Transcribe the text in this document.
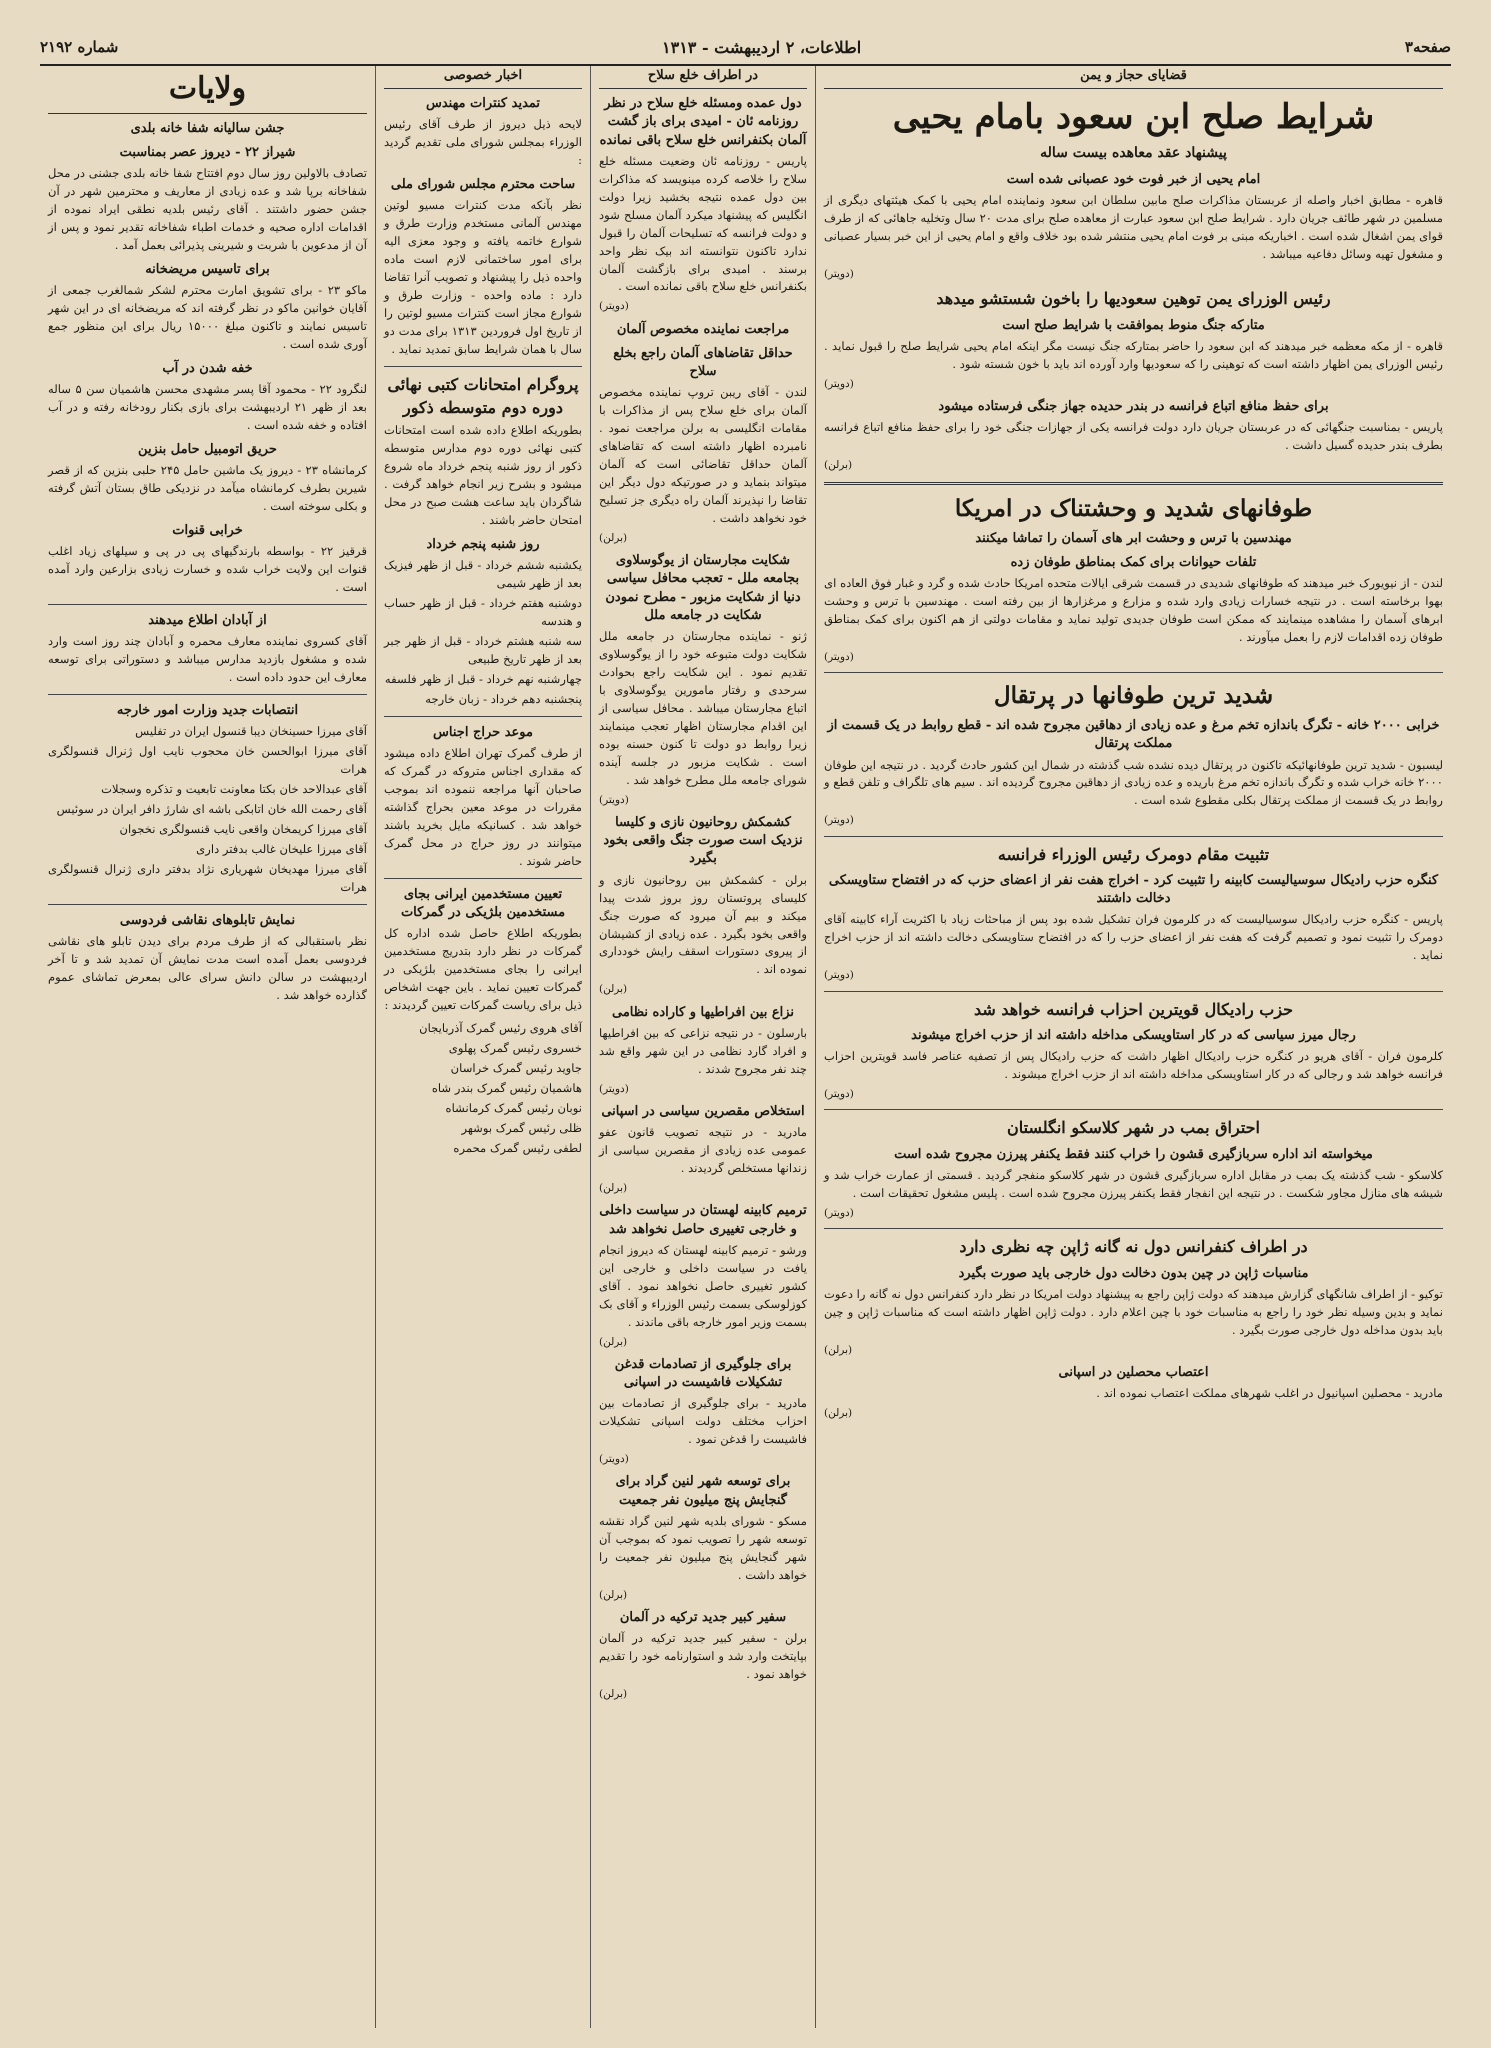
صفحه۳
اطلاعات، ۲ اردیبهشت - ۱۳۱۳
شماره ۲۱۹۲
قضایای حجاز و یمن
شرایط صلح ابن سعود بامام یحیی
پیشنهاد عقد معاهده بیست ساله
امام یحیی از خبر فوت خود عصبانی شده است

قاهره - مطابق اخبار واصله از عربستان مذاکرات صلح مابین سلطان ابن سعود ونماینده امام یحیی با کمک هیئتهای دیگری از مسلمین در شهر طائف جریان دارد . شرایط صلح ابن سعود عبارت از معاهده صلح برای مدت ۲۰ سال وتخلیه جاهائی که از طرف قوای یمن اشغال شده است . اخباریکه مبنی بر فوت امام یحیی منتشر شده بود خلاف واقع و امام یحیی از این خبر بسیار عصبانی و مشغول تهیه وسائل دفاعیه میباشد .

(دویتر)
رئیس الوزرای یمن توهین سعودیها را باخون شستشو میدهد
متارکه جنگ منوط بموافقت با شرایط صلح است

قاهره - از مکه معظمه خبر میدهند که ابن سعود را حاضر بمتارکه جنگ نیست مگر اینکه امام یحیی شرایط صلح را قبول نماید . رئیس الوزرای یمن اظهار داشته است که توهینی را که سعودیها وارد آورده اند باید با خون شسته شود .

(دویتر)
برای حفظ منافع اتباع فرانسه در بندر حدیده جهاز جنگی فرستاده میشود

پاریس - بمناسبت جنگهائی که در عربستان جریان دارد دولت فرانسه یکی از جهازات جنگی خود را برای حفظ منافع اتباع فرانسه بطرف بندر حدیده گسیل داشت .

(برلن)
طوفانهای شدید و وحشتناک در امریکا
مهندسین با ترس و وحشت ابر های آسمان را تماشا میکنند
تلفات حیوانات برای کمک بمناطق طوفان زده

لندن - از نیویورک خبر میدهند که طوفانهای شدیدی در قسمت شرقی ایالات متحده امریکا حادث شده و گرد و غبار فوق العاده ای بهوا برخاسته است . در نتیجه خسارات زیادی وارد شده و مزارع و مرغزارها از بین رفته است . مهندسین با ترس و وحشت ابرهای آسمان را مشاهده مینمایند که ممکن است طوفان جدیدی تولید نماید و مقامات دولتی از هم اکنون برای کمک بمناطق طوفان زده اقدامات لازم را بعمل میآورند .

(دویتر)
شدید ترین طوفانها در پرتقال
خرابی ۲۰۰۰ خانه - تگرگ باندازه تخم مرغ و عده زیادی از دهاقین مجروح شده اند - قطع روابط در یک قسمت از مملکت پرتقال

لیسبون - شدید ترین طوفانهائیکه تاکنون در پرتقال دیده نشده شب گذشته در شمال این کشور حادث گردید . در نتیجه این طوفان ۲۰۰۰ خانه خراب شده و تگرگ باندازه تخم مرغ باریده و عده زیادی از دهاقین مجروح گردیده اند . سیم های تلگراف و تلفن قطع و روابط در یک قسمت از مملکت پرتقال بکلی مقطوع شده است .

(دویتر)
تثبیت مقام دومرک رئیس الوزراء فرانسه
کنگره حزب رادیکال سوسیالیست کابینه را تثبیت کرد - اخراج هفت نفر از اعضای حزب که در افتضاح ستاویسکی دخالت داشتند

پاریس - کنگره حزب رادیکال سوسیالیست که در کلرمون فران تشکیل شده بود پس از مباحثات زیاد با اکثریت آراء کابینه آقای دومرک را تثبیت نمود و تصمیم گرفت که هفت نفر از اعضای حزب را که در افتضاح ستاویسکی دخالت داشته اند از حزب اخراج نماید .

(دویتر)
حزب رادیکال قویترین احزاب فرانسه خواهد شد
رجال میرز سیاسی که در کار استاویسکی مداخله داشته اند از حزب اخراج میشوند

کلرمون فران - آقای هریو در کنگره حزب رادیکال اظهار داشت که حزب رادیکال پس از تصفیه عناصر فاسد قویترین احزاب فرانسه خواهد شد و رجالی که در کار استاویسکی مداخله داشته اند از حزب اخراج میشوند .

(دویتر)
احتراق بمب در شهر کلاسکو انگلستان
میخواسته اند اداره سربازگیری قشون را خراب کنند فقط یکنفر پیرزن مجروح شده است

کلاسکو - شب گذشته یک بمب در مقابل اداره سربازگیری قشون در شهر کلاسکو منفجر گردید . قسمتی از عمارت خراب شد و شیشه های منازل مجاور شکست . در نتیجه این انفجار فقط یکنفر پیرزن مجروح شده است . پلیس مشغول تحقیقات است .

(دویتر)
در اطراف کنفرانس دول نه گانه ژاپن چه نظری دارد
مناسبات ژاپن در چین بدون دخالت دول خارجی باید صورت بگیرد

توکیو - از اطراف شانگهای گزارش میدهند که دولت ژاپن راجع به پیشنهاد دولت امریکا در نظر دارد کنفرانس دول نه گانه را دعوت نماید و بدین وسیله نظر خود را راجع به مناسبات خود با چین اعلام دارد . دولت ژاپن اظهار داشته است که مناسبات ژاپن و چین باید بدون مداخله دول خارجی صورت بگیرد .

(برلن)
اعتصاب محصلین در اسپانی

مادرید - محصلین اسپانیول در اغلب شهرهای مملکت اعتصاب نموده اند .

(برلن)
در اطراف خلع سلاح
دول عمده ومسئله خلع سلاح در نظر روزنامه ئان - امیدی برای باز گشت آلمان بکنفرانس خلع سلاح باقی نمانده

پاریس - روزنامه ئان وضعیت مسئله خلع سلاح را خلاصه کرده مینویسد که مذاکرات بین دول عمده نتیجه بخشید زیرا دولت انگلیس که پیشنهاد میکرد آلمان مسلح شود و دولت فرانسه که تسلیحات آلمان را قبول ندارد تاکنون نتوانسته اند بیک نظر واحد برسند . امیدی برای بازگشت آلمان بکنفرانس خلع سلاح باقی نمانده است .

(دویتر)
مراجعت نماینده مخصوص آلمان
حداقل تقاضاهای آلمان راجع بخلع سلاح

لندن - آقای ریبن تروپ نماینده مخصوص آلمان برای خلع سلاح پس از مذاکرات با مقامات انگلیسی به برلن مراجعت نمود . نامبرده اظهار داشته است که تقاضاهای آلمان حداقل تقاضائی است که آلمان میتواند بنماید و در صورتیکه دول دیگر این تقاضا را نپذیرند آلمان راه دیگری جز تسلیح خود نخواهد داشت .

(برلن)
شکایت مجارستان از یوگوسلاوی بجامعه ملل - تعجب محافل سیاسی دنیا از شکایت مزبور - مطرح نمودن شکایت در جامعه ملل

ژنو - نماینده مجارستان در جامعه ملل شکایت دولت متبوعه خود را از یوگوسلاوی تقدیم نمود . این شکایت راجع بحوادث سرحدی و رفتار مامورین یوگوسلاوی با اتباع مجارستان میباشد . محافل سیاسی از این اقدام مجارستان اظهار تعجب مینمایند زیرا روابط دو دولت تا کنون حسنه بوده است . شکایت مزبور در جلسه آینده شورای جامعه ملل مطرح خواهد شد .

(دویتر)
کشمکش روحانیون نازی و کلیسا نزدیک است صورت جنگ واقعی بخود بگیرد

برلن - کشمکش بین روحانیون نازی و کلیسای پروتستان روز بروز شدت پیدا میکند و بیم آن میرود که صورت جنگ واقعی بخود بگیرد . عده زیادی از کشیشان از پیروی دستورات اسقف رایش خودداری نموده اند .

(برلن)
نزاع بین افراطیها و کاراده نظامی

بارسلون - در نتیجه نزاعی که بین افراطیها و افراد گارد نظامی در این شهر واقع شد چند نفر مجروح شدند .

(دویتر)
استخلاص مقصرین سیاسی در اسپانی

مادرید - در نتیجه تصویب قانون عفو عمومی عده زیادی از مقصرین سیاسی از زندانها مستخلص گردیدند .

(برلن)
ترمیم کابینه لهستان در سیاست داخلی و خارجی تغییری حاصل نخواهد شد

ورشو - ترمیم کابینه لهستان که دیروز انجام یافت در سیاست داخلی و خارجی این کشور تغییری حاصل نخواهد نمود . آقای کوزلوسکی بسمت رئیس الوزراء و آقای بک بسمت وزیر امور خارجه باقی ماندند .

(برلن)
برای جلوگیری از تصادمات قدغن تشکیلات فاشیست در اسپانی

مادرید - برای جلوگیری از تصادمات بین احزاب مختلف دولت اسپانی تشکیلات فاشیست را قدغن نمود .

(دویتر)
برای توسعه شهر لنین گراد برای گنجایش پنج میلیون نفر جمعیت

مسکو - شورای بلدیه شهر لنین گراد نقشه توسعه شهر را تصویب نمود که بموجب آن شهر گنجایش پنج میلیون نفر جمعیت را خواهد داشت .

(برلن)
سفیر کبیر جدید ترکیه در آلمان

برلن - سفیر کبیر جدید ترکیه در آلمان بپایتخت وارد شد و استوارنامه خود را تقدیم خواهد نمود .

(برلن)
اخبار خصوصی
تمدید کنترات مهندس

لایحه ذیل دیروز از طرف آقای رئیس الوزراء بمجلس شورای ملی تقدیم گردید :

ساحت محترم مجلس شورای ملی

نظر بآنکه مدت کنترات مسیو لوتین مهندس آلمانی مستخدم وزارت طرق و شوارع خاتمه یافته و وجود معزی الیه برای امور ساختمانی لازم است ماده واحده ذیل را پیشنهاد و تصویب آنرا تقاضا دارد : ماده واحده - وزارت طرق و شوارع مجاز است کنترات مسیو لوتین را از تاریخ اول فروردین ۱۳۱۳ برای مدت دو سال با همان شرایط سابق تمدید نماید .

پروگرام امتحانات کتبی نهائی دوره دوم متوسطه ذکور

بطوریکه اطلاع داده شده است امتحانات کتبی نهائی دوره دوم مدارس متوسطه ذکور از روز شنبه پنجم خرداد ماه شروع میشود و بشرح زیر انجام خواهد گرفت . شاگردان باید ساعت هشت صبح در محل امتحان حاضر باشند .

روز شنبه پنجم خرداد
یکشنبه ششم خرداد - قبل از ظهر فیزیک بعد از ظهر شیمی
دوشنبه هفتم خرداد - قبل از ظهر حساب و هندسه
سه شنبه هشتم خرداد - قبل از ظهر جبر بعد از ظهر تاریخ طبیعی
چهارشنبه نهم خرداد - قبل از ظهر فلسفه
پنجشنبه دهم خرداد - زبان خارجه
موعد حراج اجناس

از طرف گمرک تهران اطلاع داده میشود که مقداری اجناس متروکه در گمرک که صاحبان آنها مراجعه ننموده اند بموجب مقررات در موعد معین بحراج گذاشته خواهد شد . کسانیکه مایل بخرید باشند میتوانند در روز حراج در محل گمرک حاضر شوند .

تعیین مستخدمین ایرانی بجای مستخدمین بلژیکی در گمرکات

بطوریکه اطلاع حاصل شده اداره کل گمرکات در نظر دارد بتدریج مستخدمین ایرانی را بجای مستخدمین بلژیکی در گمرکات تعیین نماید . باین جهت اشخاص ذیل برای ریاست گمرکات تعیین گردیدند :

آقای هروی رئیس گمرک آذربایجان
خسروی رئیس گمرک پهلوی
جاوید رئیس گمرک خراسان
هاشمیان رئیس گمرک بندر شاه
نوبان رئیس گمرک کرمانشاه
ظلی رئیس گمرک بوشهر
لطفی رئیس گمرک محمره
ولایات
جشن سالیانه شفا خانه بلدی
شیراز ۲۲ - دیروز عصر بمناسبت

تصادف بالاولین روز سال دوم افتتاح شفا خانه بلدی جشنی در محل شفاخانه برپا شد و عده زیادی از معاریف و محترمین شهر در آن جشن حضور داشتند . آقای رئیس بلدیه نطقی ایراد نموده از اقدامات اداره صحیه و خدمات اطباء شفاخانه تقدیر نمود و پس از آن از مدعوین با شربت و شیرینی پذیرائی بعمل آمد .

برای تاسیس مریضخانه

ماکو ۲۳ - برای تشویق امارت محترم لشکر شمالغرب جمعی از آقایان خوانین ماکو در نظر گرفته اند که مریضخانه ای در این شهر تاسیس نمایند و تاکنون مبلغ ۱۵۰۰۰ ریال برای این منظور جمع آوری شده است .

خفه شدن در آب

لنگرود ۲۲ - محمود آقا پسر مشهدی محسن هاشمیان سن ۵ ساله بعد از ظهر ۲۱ اردیبهشت برای بازی بکنار رودخانه رفته و در آب افتاده و خفه شده است .

حریق اتومبیل حامل بنزین

کرمانشاه ۲۳ - دیروز یک ماشین حامل ۲۴۵ حلبی بنزین که از قصر شیرین بطرف کرمانشاه میآمد در نزدیکی طاق بستان آتش گرفته و بکلی سوخته است .

خرابی قنوات

قرقیز ۲۲ - بواسطه بارندگیهای پی در پی و سیلهای زیاد اغلب قنوات این ولایت خراب شده و خسارت زیادی بزارعین وارد آمده است .

از آبادان اطلاع میدهند

آقای کسروی نماینده معارف محمره و آبادان چند روز است وارد شده و مشغول بازدید مدارس میباشد و دستوراتی برای توسعه معارف این حدود داده است .

انتصابات جدید وزارت امور خارجه
آقای میرزا حسینخان دیبا قنسول ایران در تفلیس
آقای میرزا ابوالحسن خان محجوب نایب اول ژنرال قنسولگری هرات
آقای عبدالاحد خان بکتا معاونت تابعیت و تذکره وسجلات
آقای رحمت الله خان اتابکی باشه ای شارژ دافر ایران در سوئیس
آقای میرزا کریمخان واقعی نایب قنسولگری نخجوان
آقای میرزا علیخان غالب بدفتر داری
آقای میرزا مهدیخان شهریاری نژاد بدفتر داری ژنرال قنسولگری هرات
نمایش تابلوهای نقاشی فردوسی

نظر باستقبالی که از طرف مردم برای دیدن تابلو های نقاشی فردوسی بعمل آمده است مدت نمایش آن تمدید شد و تا آخر اردیبهشت در سالن دانش سرای عالی بمعرض تماشای عموم گذارده خواهد شد .
